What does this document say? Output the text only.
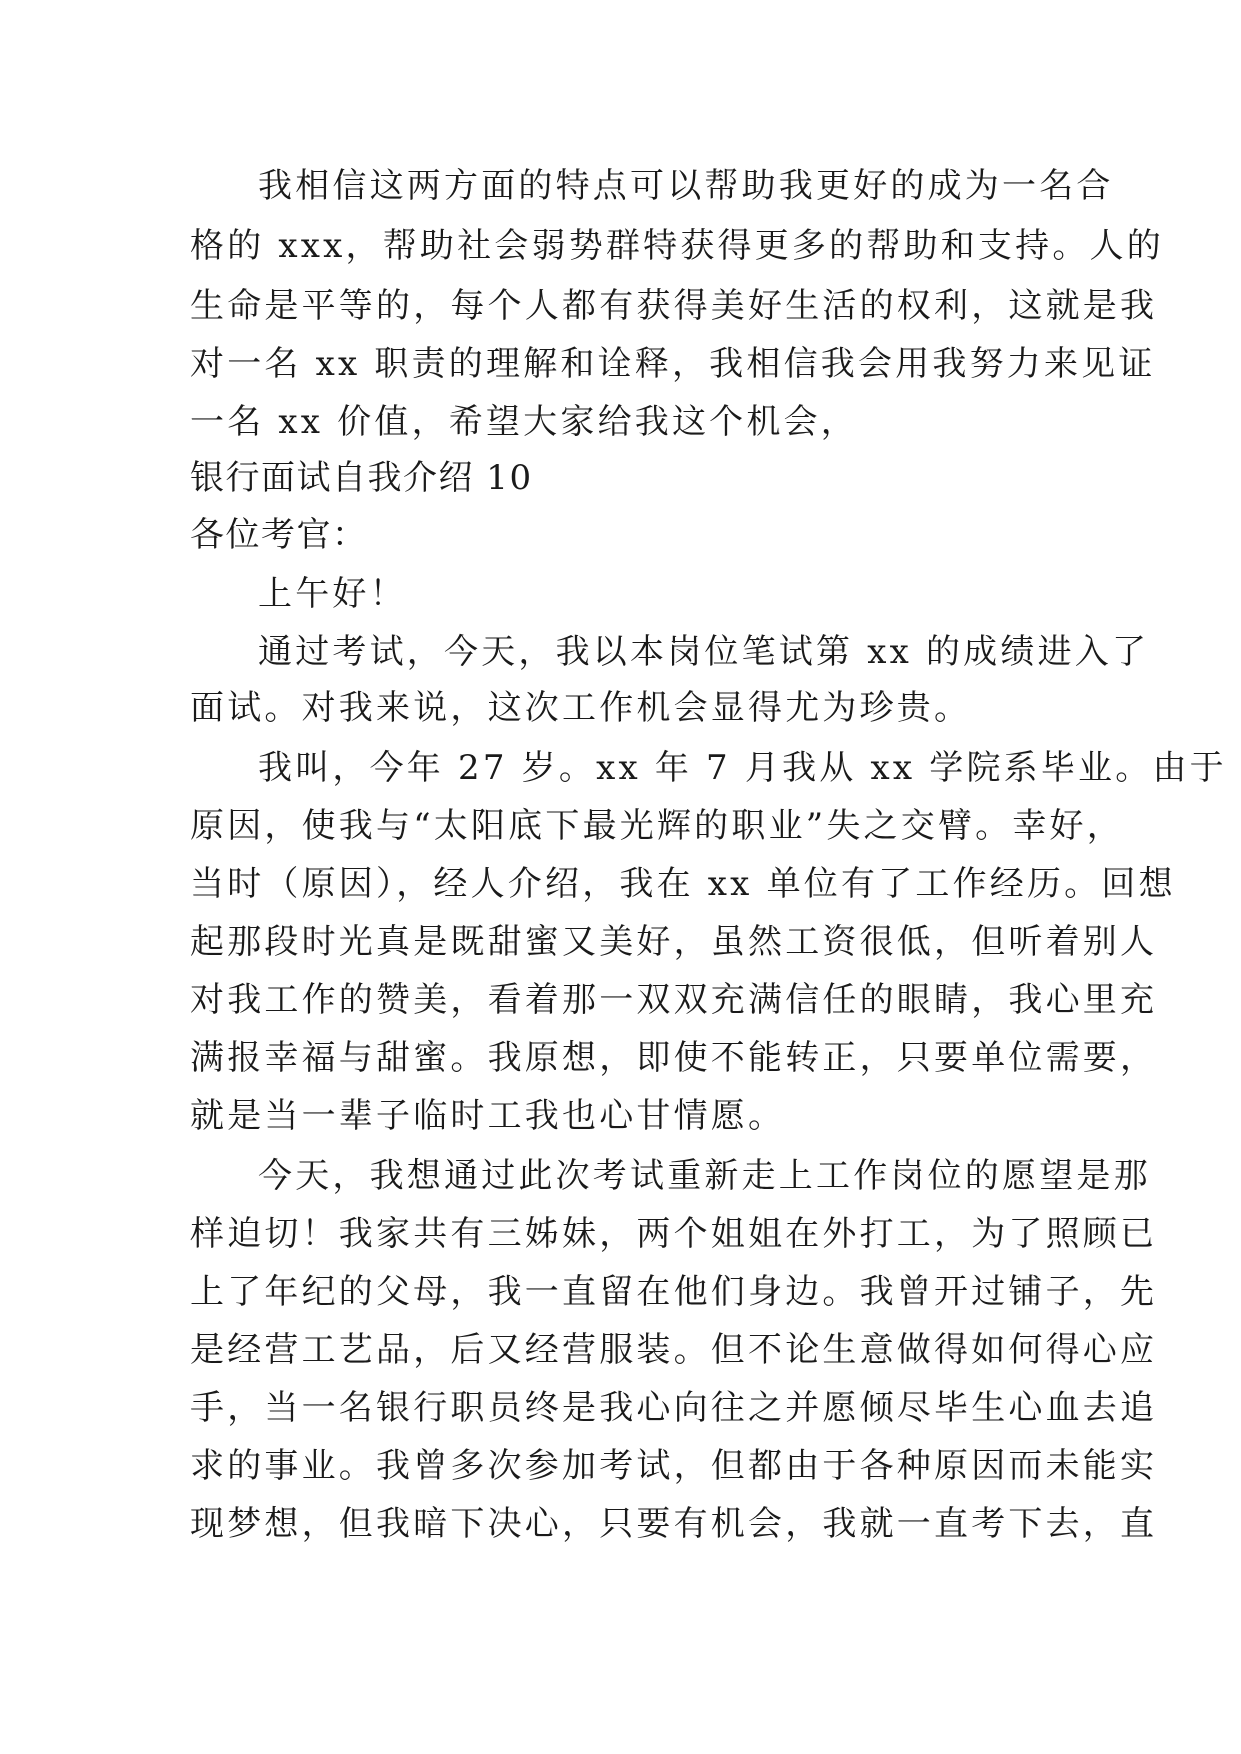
我相信这两方面的特点可以帮助我更好的成为一名合
格的 xxx，帮助社会弱势群特获得更多的帮助和支持。人的
生命是平等的，每个人都有获得美好生活的权利，这就是我
对一名 xx 职责的理解和诠释，我相信我会用我努力来见证
一名 xx 价值，希望大家给我这个机会，
银行面试自我介绍 10
各位考官：
上午好！
通过考试，今天，我以本岗位笔试第 xx 的成绩进入了
面试。对我来说，这次工作机会显得尤为珍贵。
我叫，今年 27 岁。xx 年 7 月我从 xx 学院系毕业。由于
原因，使我与“太阳底下最光辉的职业”失之交臂。幸好，
当时（原因），经人介绍，我在 xx 单位有了工作经历。回想
起那段时光真是既甜蜜又美好，虽然工资很低，但听着别人
对我工作的赞美，看着那一双双充满信任的眼睛，我心里充
满报幸福与甜蜜。我原想，即使不能转正，只要单位需要，
就是当一辈子临时工我也心甘情愿。
今天，我想通过此次考试重新走上工作岗位的愿望是那
样迫切！我家共有三姊妹，两个姐姐在外打工，为了照顾已
上了年纪的父母，我一直留在他们身边。我曾开过铺子，先
是经营工艺品，后又经营服装。但不论生意做得如何得心应
手，当一名银行职员终是我心向往之并愿倾尽毕生心血去追
求的事业。我曾多次参加考试，但都由于各种原因而未能实
现梦想，但我暗下决心，只要有机会，我就一直考下去，直
